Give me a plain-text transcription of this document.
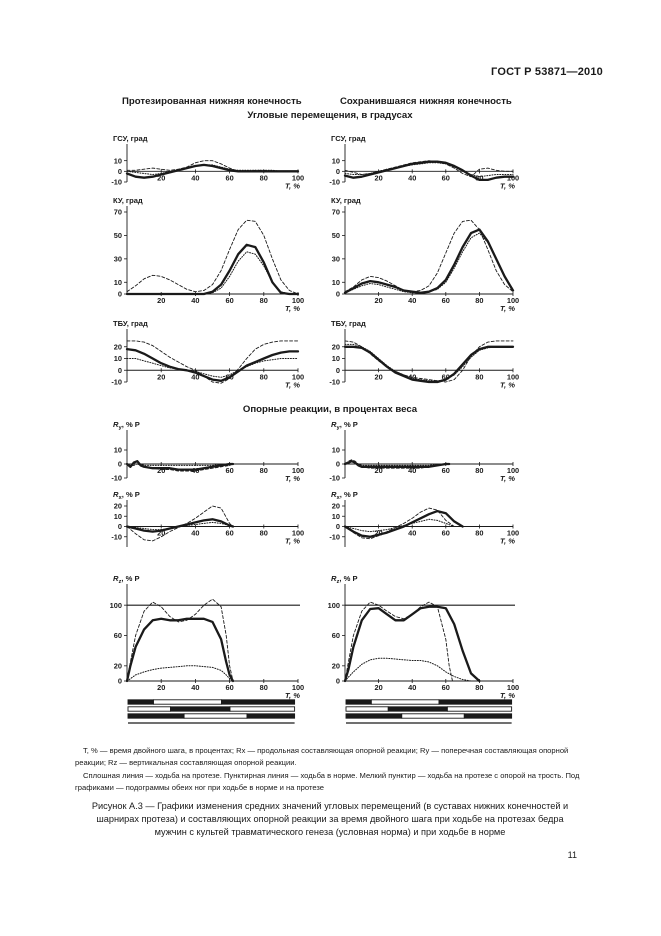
ГОСТ Р 53871—2010
Протезированная нижняя конечность	Сохранившаяся нижняя конечность
Угловые перемещения, в градусах
Опорные реакции, в процентах веса
ГСУ, град
-10
0
10
20	40	60	80	100
T, %
ГСУ, град
-10
0
10
20	40	60	80	100
T, %
КУ, град
0
10
30
50
70
20	40	60	80	100
T, %
КУ, град
0
10
30
50
70
20	40	60	80	100
T, %
ТБУ, град
-10
0
10
20
20	40	60	80	100
T, %
ТБУ, град
-10
0
10
20
20	40	60	80	100
T, %
$R_y$, % P
-10
0
10
20	40	60	80	100
T, %
$R_y$, % P
-10
0
10
20	40	60	80	100
T, %
$R_x$, % P
-10
0
10
20
20	40	60	80	100
T, %
$R_x$, % P
-10
0
10
20
20	40	60	80	100
T, %
$R_z$, % P
0
20
60
100
20	40	60	80	100
T, %
$R_z$, % P
0
20
60
100
20	40	60	80	100
T, %
T, % — время двойного шага, в процентах; Rx — продольная составляющая опорной реакции; Ry — поперечная составляющая опорной реакции; Rz — вертикальная составляющая опорной реакции.
Сплошная линия — ходьба на протезе. Пунктирная линия — ходьба в норме. Мелкий пунктир — ходьба на протезе с опорой на трость. Под графиками — подограммы обеих ног при ходьбе в норме и на протезе
Рисунок А.3 — Графики изменения средних значений угловых перемещений (в суставах нижних конечностей и шарнирах протеза) и составляющих опорной реакции за время двойного шага при ходьбе на протезах бедра мужчин с культей травматического генеза (условная норма) и при ходьбе в норме
11
